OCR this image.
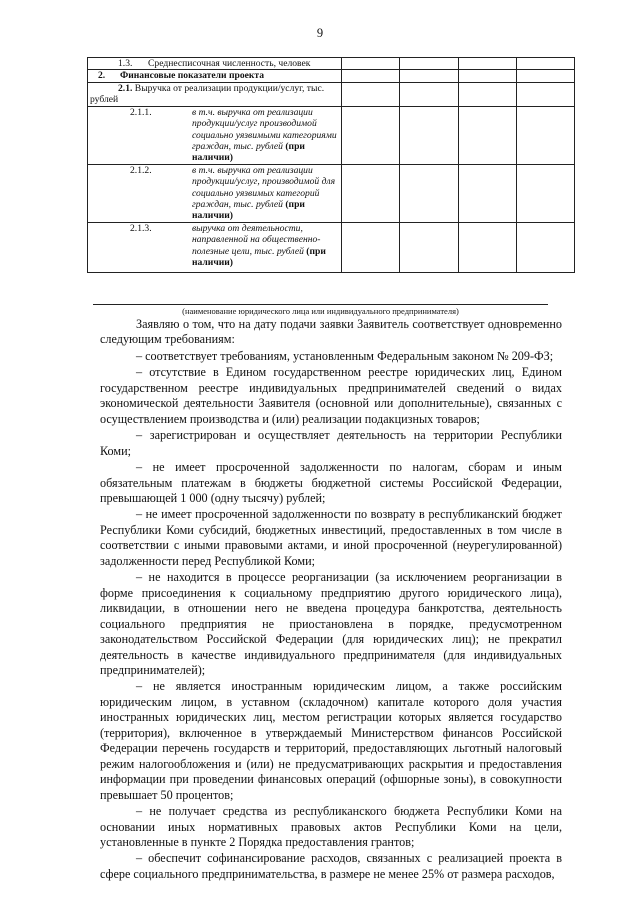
9
1.3. Среднесписочная численность, человек				
2. Финансовые показатели проекта				
2.1. Выручка от реализации продукции/услуг, тыс. рублей				

2.1.1. в т.ч. выручка от реализации продукции/услуг производимой социально уязвимыми категориями граждан, тыс. рублей (при наличии)				

2.1.2. в т.ч. выручка от реализации продукции/услуг, производимой для социально уязвимых категорий граждан, тыс. рублей (при наличии)				

2.1.3. выручка от деятельности, направленной на общественно-полезные цели, тыс. рублей (при наличии)				

(наименование юридического лица или индивидуального предпринимателя)

Заявляю о том, что на дату подачи заявки Заявитель соответствует одновременно следующим требованиям:

– соответствует требованиям, установленным Федеральным законом № 209-ФЗ;

– отсутствие в Едином государственном реестре юридических лиц, Едином государственном реестре индивидуальных предпринимателей сведений о видах экономической деятельности Заявителя (основной или дополнительные), связанных с осуществлением производства и (или) реализации подакцизных товаров;

– зарегистрирован и осуществляет деятельность на территории Республики Коми;

– не имеет просроченной задолженности по налогам, сборам и иным обязательным платежам в бюджеты бюджетной системы Российской Федерации, превышающей 1 000 (одну тысячу) рублей;

– не имеет просроченной задолженности по возврату в республиканский бюджет Республики Коми субсидий, бюджетных инвестиций, предоставленных в том числе в соответствии с иными правовыми актами, и иной просроченной (неурегулированной) задолженности перед Республикой Коми;

– не находится в процессе реорганизации (за исключением реорганизации в форме присоединения к социальному предприятию другого юридического лица), ликвидации, в отношении него не введена процедура банкротства, деятельность социального предприятия не приостановлена в порядке, предусмотренном законодательством Российской Федерации (для юридических лиц); не прекратил деятельность в качестве индивидуального предпринимателя (для индивидуальных предпринимателей);

– не является иностранным юридическим лицом, а также российским юридическим лицом, в уставном (складочном) капитале которого доля участия иностранных юридических лиц, местом регистрации которых является государство (территория), включенное в утверждаемый Министерством финансов Российской Федерации перечень государств и территорий, предоставляющих льготный налоговый режим налогообложения и (или) не предусматривающих раскрытия и предоставления информации при проведении финансовых операций (офшорные зоны), в совокупности превышает 50 процентов;

– не получает средства из республиканского бюджета Республики Коми на основании иных нормативных правовых актов Республики Коми на цели, установленные в пункте 2 Порядка предоставления грантов;

– обеспечит софинансирование расходов, связанных с реализацией проекта в сфере социального предпринимательства, в размере не менее 25% от размера расходов,
